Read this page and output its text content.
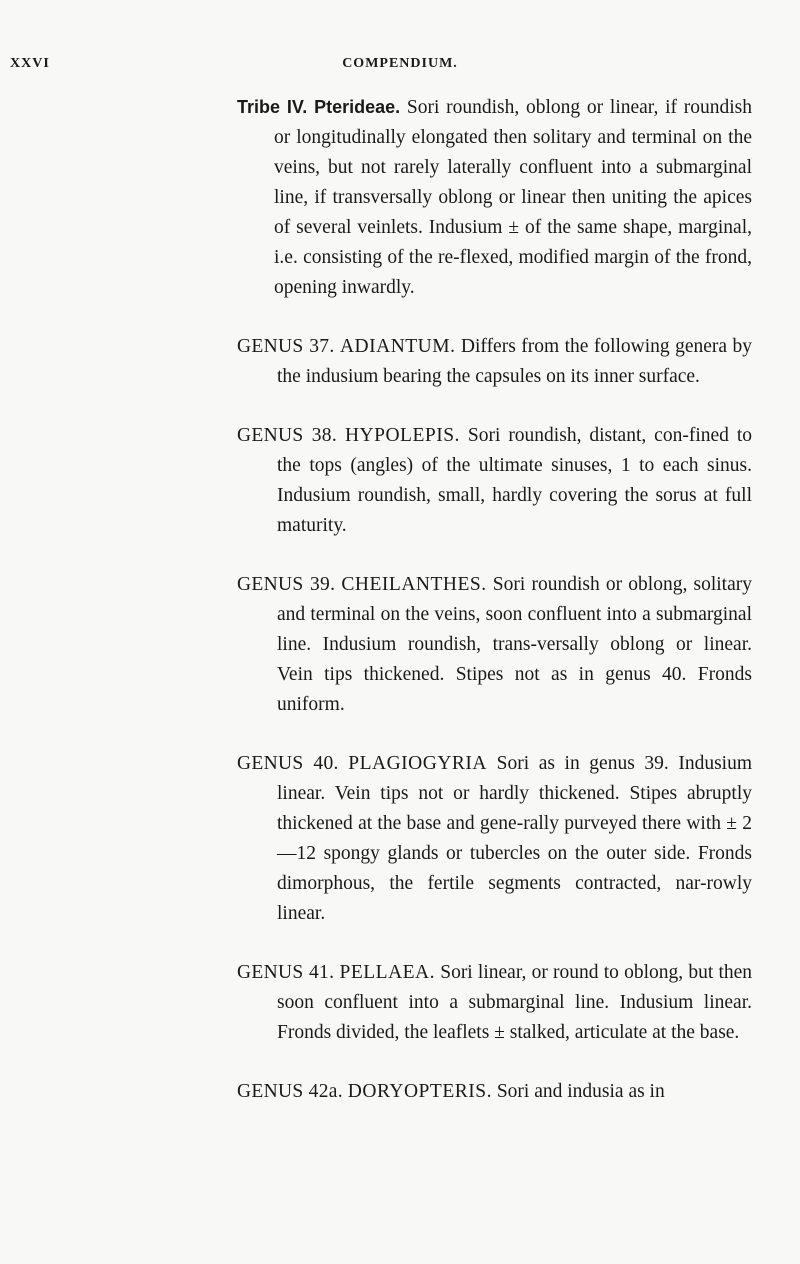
XXVI	COMPENDIUM.

Tribe IV. Pterideae. Sori roundish, oblong or linear, if roundish or longitudinally elongated then solitary and terminal on the veins, but not rarely laterally confluent into a submarginal line, if transversally oblong or linear then uniting the apices of several veinlets. Indusium ± of the same shape, marginal, i.e. consisting of the re-flexed, modified margin of the frond, opening inwardly.

GENUS 37. ADIANTUM. Differs from the following genera by the indusium bearing the capsules on its inner surface.

GENUS 38. HYPOLEPIS. Sori roundish, distant, con-fined to the tops (angles) of the ultimate sinuses, 1 to each sinus. Indusium roundish, small, hardly covering the sorus at full maturity.

GENUS 39. CHEILANTHES. Sori roundish or oblong, solitary and terminal on the veins, soon confluent into a submarginal line. Indusium roundish, trans-versally oblong or linear. Vein tips thickened. Stipes not as in genus 40. Fronds uniform.

GENUS 40. PLAGIOGYRIA Sori as in genus 39. Indusium linear. Vein tips not or hardly thickened. Stipes abruptly thickened at the base and gene-rally purveyed there with ± 2—12 spongy glands or tubercles on the outer side. Fronds dimorphous, the fertile segments contracted, nar-rowly linear.

GENUS 41. PELLAEA. Sori linear, or round to oblong, but then soon confluent into a submarginal line. Indusium linear. Fronds divided, the leaflets ± stalked, articulate at the base.

GENUS 42a. DORYOPTERIS. Sori and indusia as in
